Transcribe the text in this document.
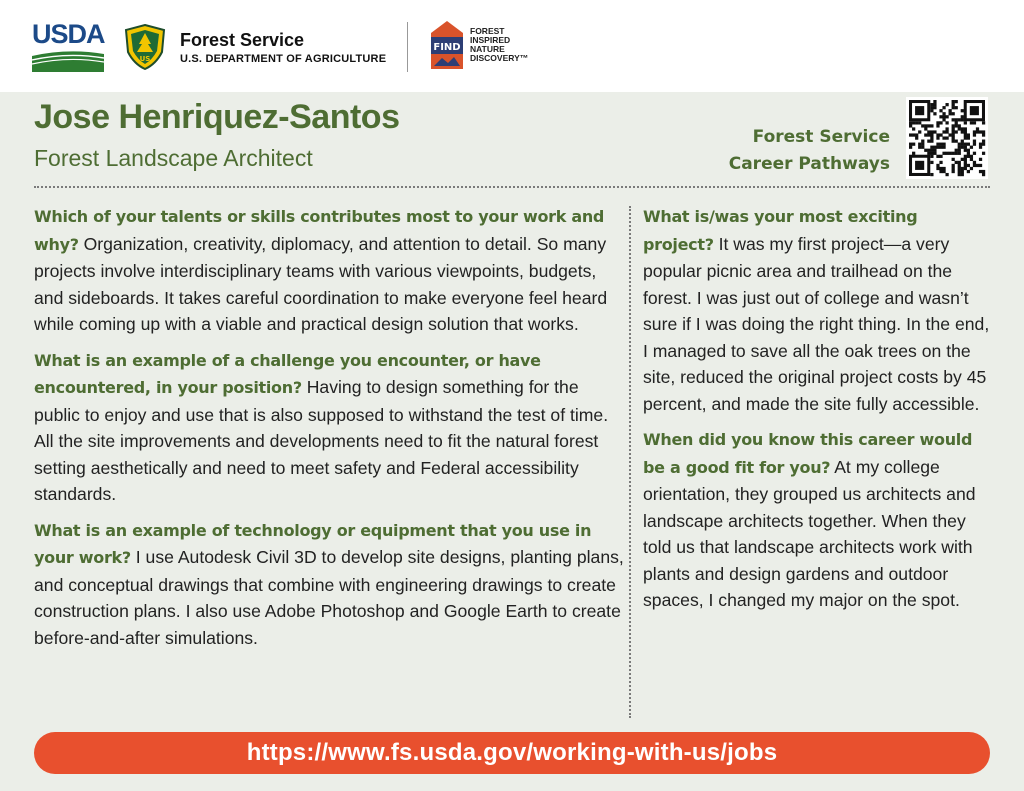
USDA
US
Forest Service
U.S. DEPARTMENT OF AGRICULTURE
FIND
FOREST
INSPIRED
NATURE
DISCOVERY™
Jose Henriquez-Santos
Forest Landscape Architect
Forest Service
Career Pathways

Which of your talents or skills contributes most to your work and why? Organization, creativity, diplomacy, and attention to detail. So many projects involve interdisciplinary teams with various viewpoints, budgets, and sideboards. It takes careful coordination to make everyone feel heard while coming up with a viable and practical design solution that works.

What is an example of a challenge you encounter, or have encountered, in your position? Having to design something for the public to enjoy and use that is also supposed to withstand the test of time. All the site improvements and developments need to fit the natural forest setting aesthetically and need to meet safety and Federal accessibility standards.

What is an example of technology or equipment that you use in your work? I use Autodesk Civil 3D to develop site designs, planting plans, and conceptual drawings that combine with engineering drawings to create construction plans. I also use Adobe Photoshop and Google Earth to create before-and-after simulations.

What is/was your most exciting project? It was my first project—a very popular picnic area and trailhead on the forest. I was just out of college and wasn’t sure if I was doing the right thing. In the end, I managed to save all the oak trees on the site, reduced the original project costs by 45 percent, and made the site fully accessible.

When did you know this career would be a good fit for you? At my college orientation, they grouped us architects and landscape architects together. When they told us that landscape architects work with plants and design gardens and outdoor spaces, I changed my major on the spot.

https://www.fs.usda.gov/working-with-us/jobs
